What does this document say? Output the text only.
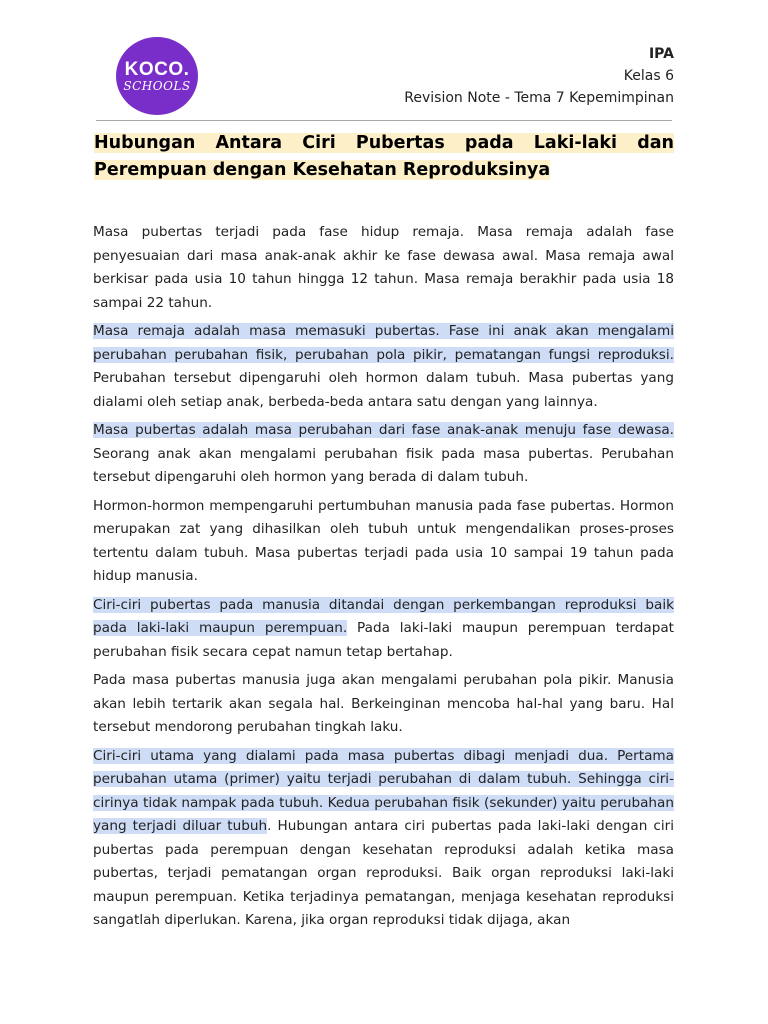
KOCO.
SCHOOLS
IPA
Kelas 6
Revision Note - Tema 7 Kepemimpinan
Hubungan Antara Ciri Pubertas pada Laki-laki dan Perempuan dengan Kesehatan Reproduksinya

Masa pubertas terjadi pada fase hidup remaja. Masa remaja adalah fase penyesuaian dari masa anak-anak akhir ke fase dewasa awal. Masa remaja awal berkisar pada usia 10 tahun hingga 12 tahun. Masa remaja berakhir pada usia 18 sampai 22 tahun.

Masa remaja adalah masa memasuki pubertas. Fase ini anak akan mengalami perubahan perubahan fisik, perubahan pola pikir, pematangan fungsi reproduksi. Perubahan tersebut dipengaruhi oleh hormon dalam tubuh. Masa pubertas yang dialami oleh setiap anak, berbeda-beda antara satu dengan yang lainnya.

Masa pubertas adalah masa perubahan dari fase anak-anak menuju fase dewasa. Seorang anak akan mengalami perubahan fisik pada masa pubertas. Perubahan tersebut dipengaruhi oleh hormon yang berada di dalam tubuh.

Hormon-hormon mempengaruhi pertumbuhan manusia pada fase pubertas. Hormon merupakan zat yang dihasilkan oleh tubuh untuk mengendalikan proses-proses tertentu dalam tubuh. Masa pubertas terjadi pada usia 10 sampai 19 tahun pada hidup manusia.

Ciri-ciri pubertas pada manusia ditandai dengan perkembangan reproduksi baik pada laki-laki maupun perempuan. Pada laki-laki maupun perempuan terdapat perubahan fisik secara cepat namun tetap bertahap.

Pada masa pubertas manusia juga akan mengalami perubahan pola pikir. Manusia akan lebih tertarik akan segala hal. Berkeinginan mencoba hal-hal yang baru. Hal tersebut mendorong perubahan tingkah laku.

Ciri-ciri utama yang dialami pada masa pubertas dibagi menjadi dua. Pertama perubahan utama (primer) yaitu terjadi perubahan di dalam tubuh. Sehingga ciri-cirinya tidak nampak pada tubuh. Kedua perubahan fisik (sekunder) yaitu perubahan yang terjadi diluar tubuh. Hubungan antara ciri pubertas pada laki-laki dengan ciri pubertas pada perempuan dengan kesehatan reproduksi adalah ketika masa pubertas, terjadi pematangan organ reproduksi. Baik organ reproduksi laki-laki maupun perempuan. Ketika terjadinya pematangan, menjaga kesehatan reproduksi sangatlah diperlukan. Karena, jika organ reproduksi tidak dijaga, akan
